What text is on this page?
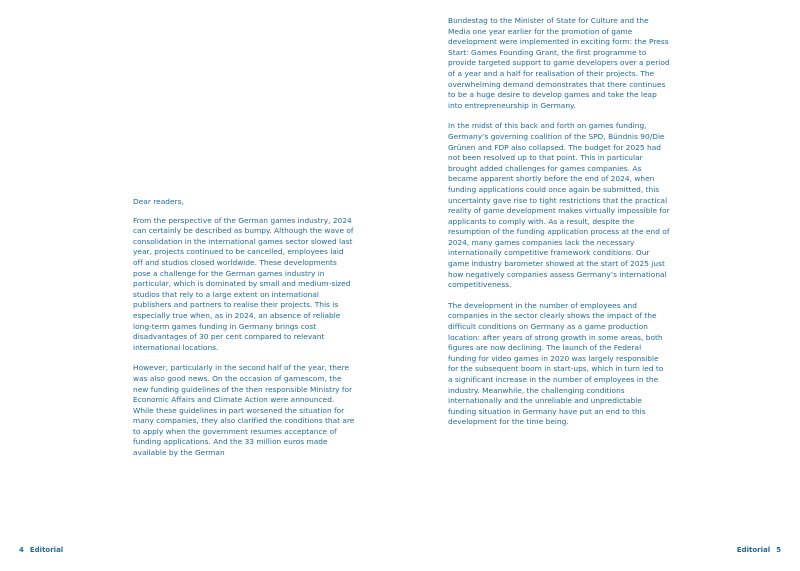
Dear readers,

From the perspective of the German games industry, 2024 can certainly be described as bumpy. Although the wave of consolidation in the international games sector slowed last year, projects continued to be cancelled, employees laid off and studios closed worldwide. These developments pose a challenge for the German games industry in particular, which is dominated by small and medium-sized studios that rely to a large extent on international publishers and partners to realise their projects. This is especially true when, as in 2024, an absence of reliable long-term games funding in Germany brings cost disadvantages of 30 per cent compared to relevant international locations.

However, particularly in the second half of the year, there was also good news. On the occasion of gamescom, the new funding guidelines of the then responsible Ministry for Economic Affairs and Climate Action were announced. While these guidelines in part worsened the situation for many companies, they also clarified the conditions that are to apply when the government resumes acceptance of funding applications. And the 33 million euros made available by the German

4 Editorial

Bundestag to the Minister of State for Culture and the Media one year earlier for the promotion of game development were implemented in exciting form: the Press Start: Games Founding Grant, the first programme to provide targeted support to game developers over a period of a year and a half for realisation of their projects. The overwhelming demand demonstrates that there continues to be a huge desire to develop games and take the leap into entrepreneurship in Germany.

In the midst of this back and forth on games funding, Germany’s governing coalition of the SPD, Bündnis 90/Die Grünen and FDP also collapsed. The budget for 2025 had not been resolved up to that point. This in particular brought added challenges for games companies. As became apparent shortly before the end of 2024, when funding applications could once again be submitted, this uncertainty gave rise to tight restrictions that the practical reality of game development makes virtually impossible for applicants to comply with. As a result, despite the resumption of the funding application process at the end of 2024, many games companies lack the necessary internationally competitive framework conditions. Our game industry barometer showed at the start of 2025 just how negatively companies assess Germany’s international competitiveness.

The development in the number of employees and companies in the sector clearly shows the impact of the difficult conditions on Germany as a game production location: after years of strong growth in some areas, both figures are now declining. The launch of the Federal funding for video games in 2020 was largely responsible for the subsequent boom in start-ups, which in turn led to a significant increase in the number of employees in the industry. Meanwhile, the challenging conditions internationally and the unreliable and unpredictable funding situation in Germany have put an end to this development for the time being.

Editorial 5
